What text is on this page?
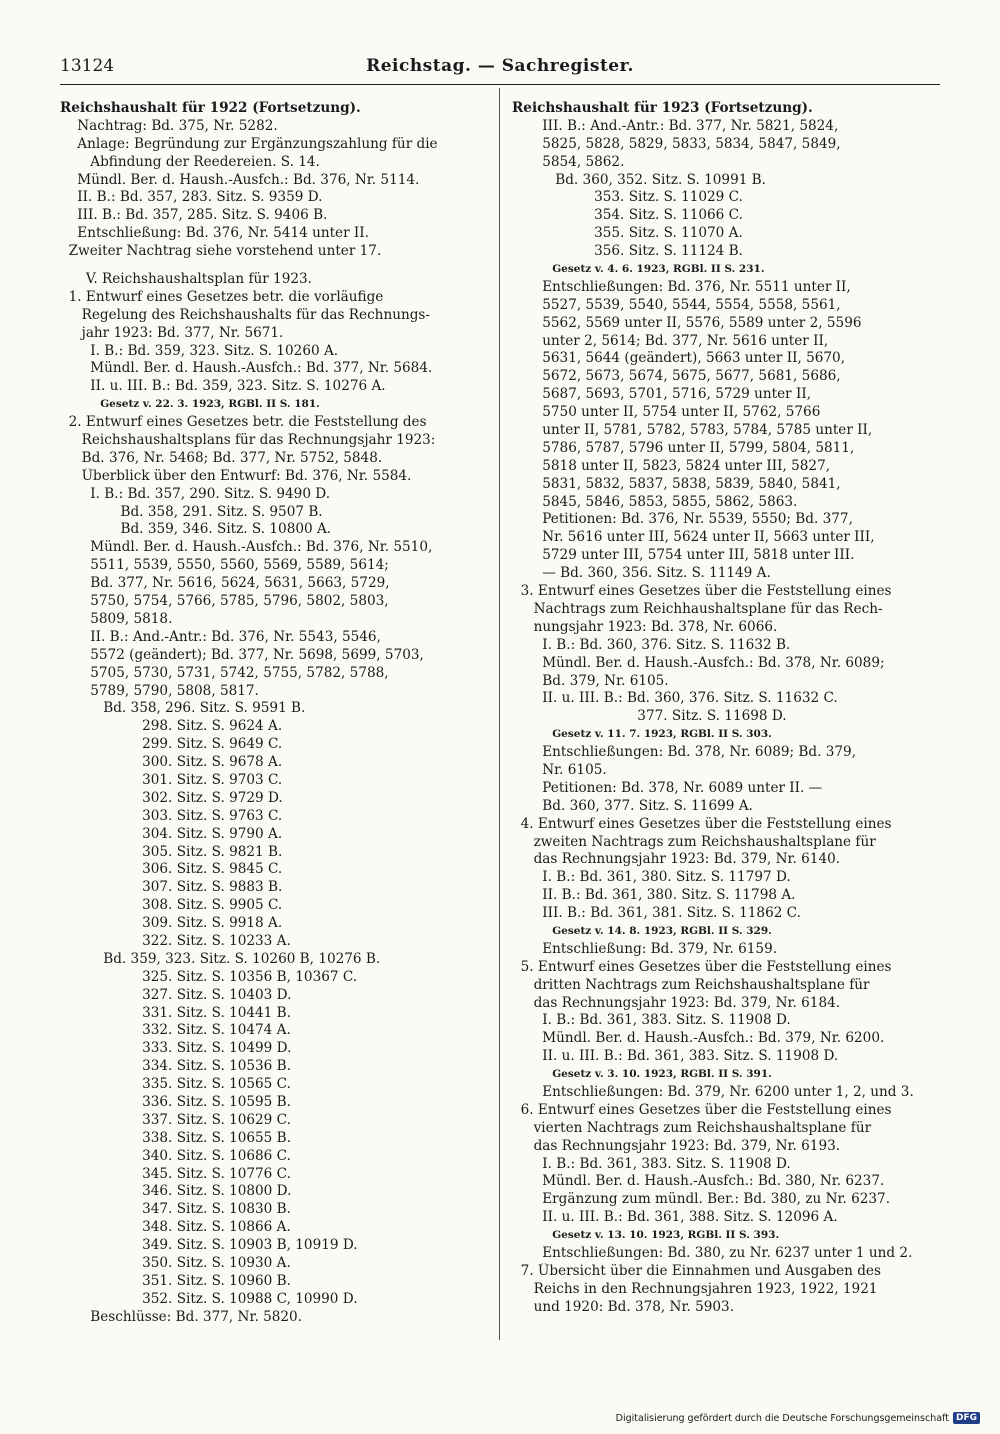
13124	Reichstag. — Sachregister.
Reichshaushalt für 1922 (Fortsetzung).
Nachtrag: Bd. 375, Nr. 5282.
Anlage: Begründung zur Ergänzungszahlung für die
Abfindung der Reedereien. S. 14.
Mündl. Ber. d. Haush.-Ausfch.: Bd. 376, Nr. 5114.
II. B.: Bd. 357, 283. Sitz. S. 9359 D.
III. B.: Bd. 357, 285. Sitz. S. 9406 B.
Entschließung: Bd. 376, Nr. 5414 unter II.
Zweiter Nachtrag siehe vorstehend unter 17.
V. Reichshaushaltsplan für 1923.
1. Entwurf eines Gesetzes betr. die vorläufige
Regelung des Reichshaushalts für das Rechnungs-
jahr 1923: Bd. 377, Nr. 5671.
I. B.: Bd. 359, 323. Sitz. S. 10260 A.
Mündl. Ber. d. Haush.-Ausfch.: Bd. 377, Nr. 5684.
II. u. III. B.: Bd. 359, 323. Sitz. S. 10276 A.
Gesetz v. 22. 3. 1923, RGBl. II S. 181.
2. Entwurf eines Gesetzes betr. die Feststellung des
Reichshaushaltsplans für das Rechnungsjahr 1923:
Bd. 376, Nr. 5468; Bd. 377, Nr. 5752, 5848.
Überblick über den Entwurf: Bd. 376, Nr. 5584.
I. B.: Bd. 357, 290. Sitz. S. 9490 D.
Bd. 358, 291. Sitz. S. 9507 B.
Bd. 359, 346. Sitz. S. 10800 A.
Mündl. Ber. d. Haush.-Ausfch.: Bd. 376, Nr. 5510,
5511, 5539, 5550, 5560, 5569, 5589, 5614;
Bd. 377, Nr. 5616, 5624, 5631, 5663, 5729,
5750, 5754, 5766, 5785, 5796, 5802, 5803,
5809, 5818.
II. B.: And.-Antr.: Bd. 376, Nr. 5543, 5546,
5572 (geändert); Bd. 377, Nr. 5698, 5699, 5703,
5705, 5730, 5731, 5742, 5755, 5782, 5788,
5789, 5790, 5808, 5817.
Bd. 358, 296. Sitz. S. 9591 B.
298. Sitz. S. 9624 A.
299. Sitz. S. 9649 C.
300. Sitz. S. 9678 A.
301. Sitz. S. 9703 C.
302. Sitz. S. 9729 D.
303. Sitz. S. 9763 C.
304. Sitz. S. 9790 A.
305. Sitz. S. 9821 B.
306. Sitz. S. 9845 C.
307. Sitz. S. 9883 B.
308. Sitz. S. 9905 C.
309. Sitz. S. 9918 A.
322. Sitz. S. 10233 A.
Bd. 359, 323. Sitz. S. 10260 B, 10276 B.
325. Sitz. S. 10356 B, 10367 C.
327. Sitz. S. 10403 D.
331. Sitz. S. 10441 B.
332. Sitz. S. 10474 A.
333. Sitz. S. 10499 D.
334. Sitz. S. 10536 B.
335. Sitz. S. 10565 C.
336. Sitz. S. 10595 B.
337. Sitz. S. 10629 C.
338. Sitz. S. 10655 B.
340. Sitz. S. 10686 C.
345. Sitz. S. 10776 C.
346. Sitz. S. 10800 D.
347. Sitz. S. 10830 B.
348. Sitz. S. 10866 A.
349. Sitz. S. 10903 B, 10919 D.
350. Sitz. S. 10930 A.
351. Sitz. S. 10960 B.
352. Sitz. S. 10988 C, 10990 D.
Beschlüsse: Bd. 377, Nr. 5820.
Reichshaushalt für 1923 (Fortsetzung).
III. B.: And.-Antr.: Bd. 377, Nr. 5821, 5824,
5825, 5828, 5829, 5833, 5834, 5847, 5849,
5854, 5862.
Bd. 360, 352. Sitz. S. 10991 B.
353. Sitz. S. 11029 C.
354. Sitz. S. 11066 C.
355. Sitz. S. 11070 A.
356. Sitz. S. 11124 B.
Gesetz v. 4. 6. 1923, RGBl. II S. 231.
Entschließungen: Bd. 376, Nr. 5511 unter II,
5527, 5539, 5540, 5544, 5554, 5558, 5561,
5562, 5569 unter II, 5576, 5589 unter 2, 5596
unter 2, 5614; Bd. 377, Nr. 5616 unter II,
5631, 5644 (geändert), 5663 unter II, 5670,
5672, 5673, 5674, 5675, 5677, 5681, 5686,
5687, 5693, 5701, 5716, 5729 unter II,
5750 unter II, 5754 unter II, 5762, 5766
unter II, 5781, 5782, 5783, 5784, 5785 unter II,
5786, 5787, 5796 unter II, 5799, 5804, 5811,
5818 unter II, 5823, 5824 unter III, 5827,
5831, 5832, 5837, 5838, 5839, 5840, 5841,
5845, 5846, 5853, 5855, 5862, 5863.
Petitionen: Bd. 376, Nr. 5539, 5550; Bd. 377,
Nr. 5616 unter III, 5624 unter II, 5663 unter III,
5729 unter III, 5754 unter III, 5818 unter III.
— Bd. 360, 356. Sitz. S. 11149 A.
3. Entwurf eines Gesetzes über die Feststellung eines
Nachtrags zum Reichhaushaltsplane für das Rech-
nungsjahr 1923: Bd. 378, Nr. 6066.
I. B.: Bd. 360, 376. Sitz. S. 11632 B.
Mündl. Ber. d. Haush.-Ausfch.: Bd. 378, Nr. 6089;
Bd. 379, Nr. 6105.
II. u. III. B.: Bd. 360, 376. Sitz. S. 11632 C.
377. Sitz. S. 11698 D.
Gesetz v. 11. 7. 1923, RGBl. II S. 303.
Entschließungen: Bd. 378, Nr. 6089; Bd. 379,
Nr. 6105.
Petitionen: Bd. 378, Nr. 6089 unter II. —
Bd. 360, 377. Sitz. S. 11699 A.
4. Entwurf eines Gesetzes über die Feststellung eines
zweiten Nachtrags zum Reichshaushaltsplane für
das Rechnungsjahr 1923: Bd. 379, Nr. 6140.
I. B.: Bd. 361, 380. Sitz. S. 11797 D.
II. B.: Bd. 361, 380. Sitz. S. 11798 A.
III. B.: Bd. 361, 381. Sitz. S. 11862 C.
Gesetz v. 14. 8. 1923, RGBl. II S. 329.
Entschließung: Bd. 379, Nr. 6159.
5. Entwurf eines Gesetzes über die Feststellung eines
dritten Nachtrags zum Reichshaushaltsplane für
das Rechnungsjahr 1923: Bd. 379, Nr. 6184.
I. B.: Bd. 361, 383. Sitz. S. 11908 D.
Mündl. Ber. d. Haush.-Ausfch.: Bd. 379, Nr. 6200.
II. u. III. B.: Bd. 361, 383. Sitz. S. 11908 D.
Gesetz v. 3. 10. 1923, RGBl. II S. 391.
Entschließungen: Bd. 379, Nr. 6200 unter 1, 2, und 3.
6. Entwurf eines Gesetzes über die Feststellung eines
vierten Nachtrags zum Reichshaushaltsplane für
das Rechnungsjahr 1923: Bd. 379, Nr. 6193.
I. B.: Bd. 361, 383. Sitz. S. 11908 D.
Mündl. Ber. d. Haush.-Ausfch.: Bd. 380, Nr. 6237.
Ergänzung zum mündl. Ber.: Bd. 380, zu Nr. 6237.
II. u. III. B.: Bd. 361, 388. Sitz. S. 12096 A.
Gesetz v. 13. 10. 1923, RGBl. II S. 393.
Entschließungen: Bd. 380, zu Nr. 6237 unter 1 und 2.
7. Übersicht über die Einnahmen und Ausgaben des
Reichs in den Rechnungsjahren 1923, 1922, 1921
und 1920: Bd. 378, Nr. 5903.
Digitalisierung gefördert durch die Deutsche Forschungsgemeinschaft DFG
